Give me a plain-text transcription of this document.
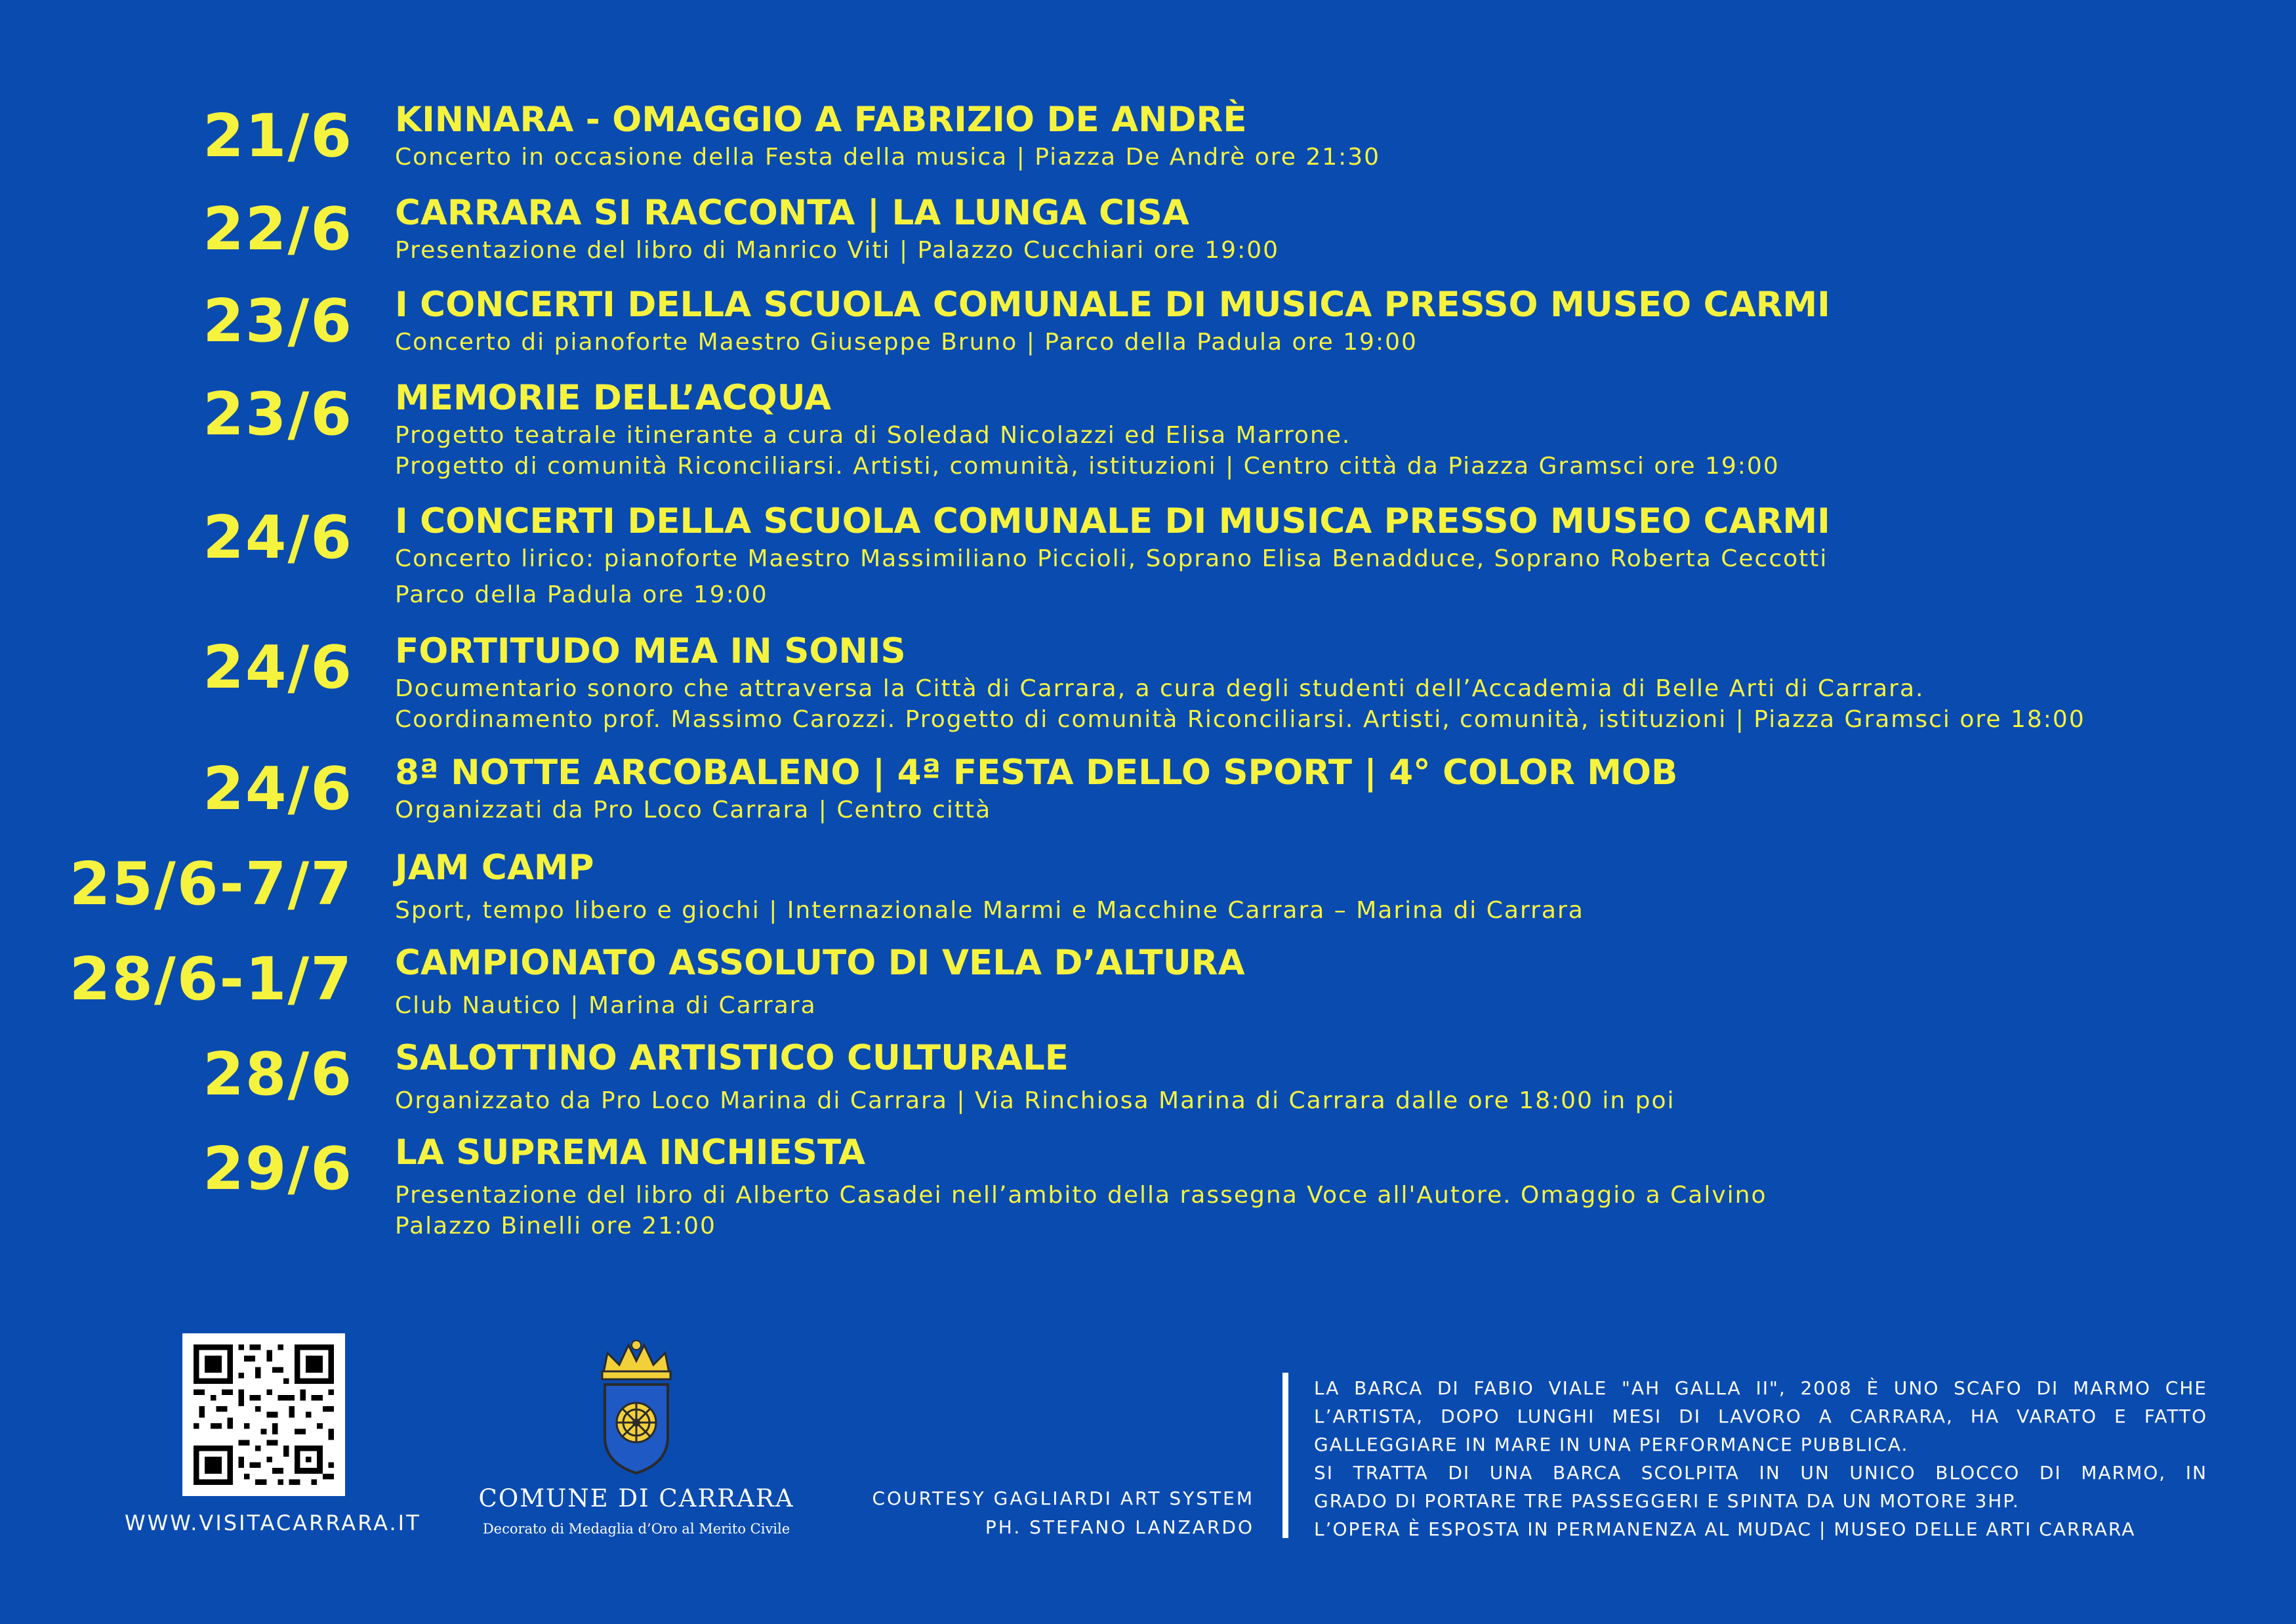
21/6 KINNARA - OMAGGIO A FABRIZIO DE ANDRÈ
Concerto in occasione della Festa della musica | Piazza De Andrè ore 21:30
22/6 CARRARA SI RACCONTA | LA LUNGA CISA
Presentazione del libro di Manrico Viti | Palazzo Cucchiari ore 19:00
23/6 I CONCERTI DELLA SCUOLA COMUNALE DI MUSICA PRESSO MUSEO CARMI
Concerto di pianoforte Maestro Giuseppe Bruno | Parco della Padula ore 19:00
23/6 MEMORIE DELL’ACQUA
Progetto teatrale itinerante a cura di Soledad Nicolazzi ed Elisa Marrone.
Progetto di comunità Riconciliarsi. Artisti, comunità, istituzioni | Centro città da Piazza Gramsci ore 19:00
24/6 I CONCERTI DELLA SCUOLA COMUNALE DI MUSICA PRESSO MUSEO CARMI
Concerto lirico: pianoforte Maestro Massimiliano Piccioli, Soprano Elisa Benadduce, Soprano Roberta Ceccotti
Parco della Padula ore 19:00
24/6 FORTITUDO MEA IN SONIS
Documentario sonoro che attraversa la Città di Carrara, a cura degli studenti dell’Accademia di Belle Arti di Carrara.
Coordinamento prof. Massimo Carozzi. Progetto di comunità Riconciliarsi. Artisti, comunità, istituzioni | Piazza Gramsci ore 18:00
24/6 8ª NOTTE ARCOBALENO | 4ª FESTA DELLO SPORT | 4° COLOR MOB
Organizzati da Pro Loco Carrara | Centro città
25/6-7/7 JAM CAMP
Sport, tempo libero e giochi | Internazionale Marmi e Macchine Carrara – Marina di Carrara
28/6-1/7 CAMPIONATO ASSOLUTO DI VELA D’ALTURA
Club Nautico | Marina di Carrara
28/6 SALOTTINO ARTISTICO CULTURALE
Organizzato da Pro Loco Marina di Carrara | Via Rinchiosa Marina di Carrara dalle ore 18:00 in poi
29/6 LA SUPREMA INCHIESTA
Presentazione del libro di Alberto Casadei nell’ambito della rassegna Voce all'Autore. Omaggio a Calvino
Palazzo Binelli ore 21:00
WWW.VISITACARRARA.IT
COMUNE DI CARRARA
Decorato di Medaglia d’Oro al Merito Civile
COURTESY GAGLIARDI ART SYSTEM
PH. STEFANO LANZARDO
LA BARCA DI FABIO VIALE "AH GALLA II", 2008 È UNO SCAFO DI MARMO CHE
L’ARTISTA, DOPO LUNGHI MESI DI LAVORO A CARRARA, HA VARATO E FATTO
GALLEGGIARE IN MARE IN UNA PERFORMANCE PUBBLICA.
SI TRATTA DI UNA BARCA SCOLPITA IN UN UNICO BLOCCO DI MARMO, IN
GRADO DI PORTARE TRE PASSEGGERI E SPINTA DA UN MOTORE 3HP.
L’OPERA È ESPOSTA IN PERMANENZA AL MUDAC | MUSEO DELLE ARTI CARRARA
